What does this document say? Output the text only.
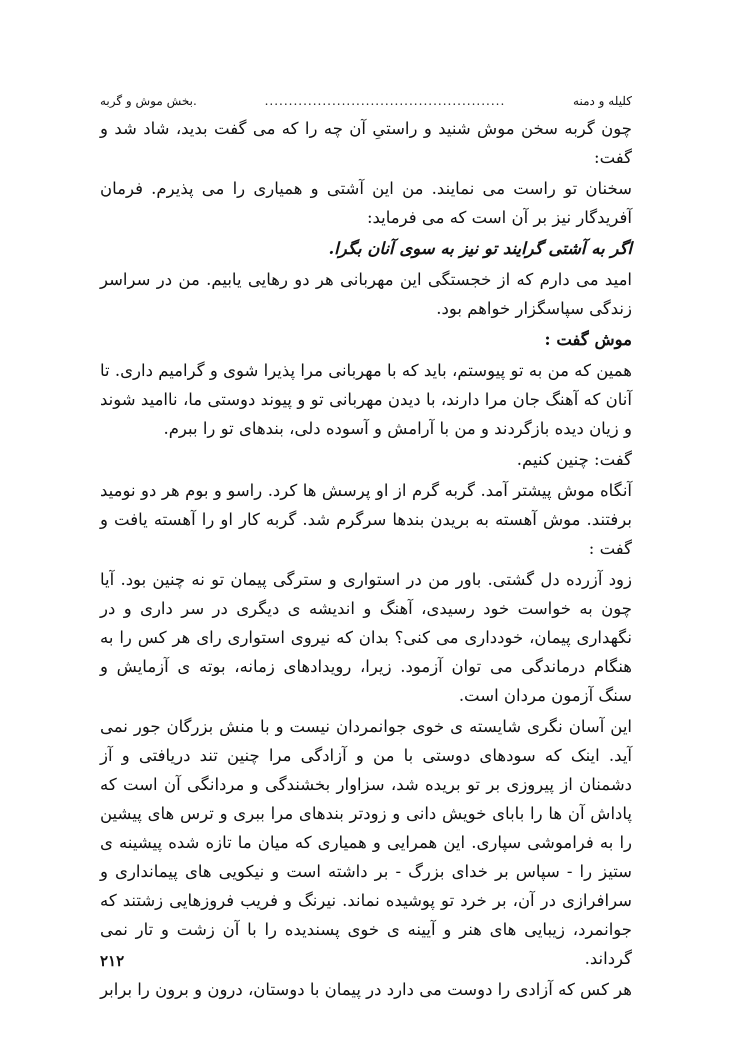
کلیله و دمنه
..................................................
.بخش موش و گربه
چون گربه سخن موش شنید و راستیِ آن چه را که می گفت بدید، شاد شد و گفت:
سخنان تو راست می نمایند. من این آشتی و همیاری را می پذیرم. فرمان آفریدگار نیز بر آن است که می فرماید:
اگر به آشتی گرایند تو نیز به سوی آنان بگرا.
امید می دارم که از خجستگی این مهربانی هر دو رهایی یابیم. من در سراسر زندگی سپاسگزار خواهم بود.
موش گفت :
همین که من به تو پیوستم، باید که با مهربانی مرا پذیرا شوی و گرامیم داری. تا آنان که آهنگ جان مرا دارند، با دیدن مهربانی تو و پیوند دوستی ما، ناامید شوند و زیان دیده بازگردند و من با آرامش و آسوده دلی، بندهای تو را ببرم.
گفت: چنین کنیم.
آنگاه موش پیشتر آمد. گربه گرم از او پرسش ها کرد. راسو و بوم هر دو نومید برفتند. موش آهسته به بریدن بندها سرگرم شد. گربه کار او را آهسته یافت و گفت :
زود آزرده دل گشتی. باور من در استواری و سترگی پیمان تو نه چنین بود. آیا چون به خواست خود رسیدی، آهنگ و اندیشه ی دیگری در سر داری و در نگهداری پیمان، خودداری می کنی؟ بدان که نیروی استواری رای هر کس را به هنگام درماندگی می توان آزمود. زیرا، رویدادهای زمانه، بوته ی آزمایش و سنگ آزمون مردان است.
این آسان نگری شایسته ی خوی جوانمردان نیست و با منش بزرگان جور نمی آید. اینک که سودهای دوستی با من و آزادگی مرا چنین تند دریافتی و آز دشمنان از پیروزی بر تو بریده شد، سزاوار بخشندگی و مردانگی آن است که پاداش آن ها را بابای خویش دانی و زودتر بندهای مرا ببری و ترس های پیشین را به فراموشی سپاری. این همرایی و همیاری که میان ما تازه شده پیشینه ی ستیز را - سپاس بر خدای بزرگ - بر داشته است و نیکویی های پیمانداری و سرافرازی در آن، بر خرد تو پوشیده نماند. نیرنگ و فریب فروزهایی زشتند که جوانمرد، زیبایی های هنر و آیینه ی خوی پسندیده را با آن زشت و تار نمی گرداند.
هر کس که آزادی را دوست می دارد در پیمان با دوستان، درون و برون را برابر
۲۱۲
